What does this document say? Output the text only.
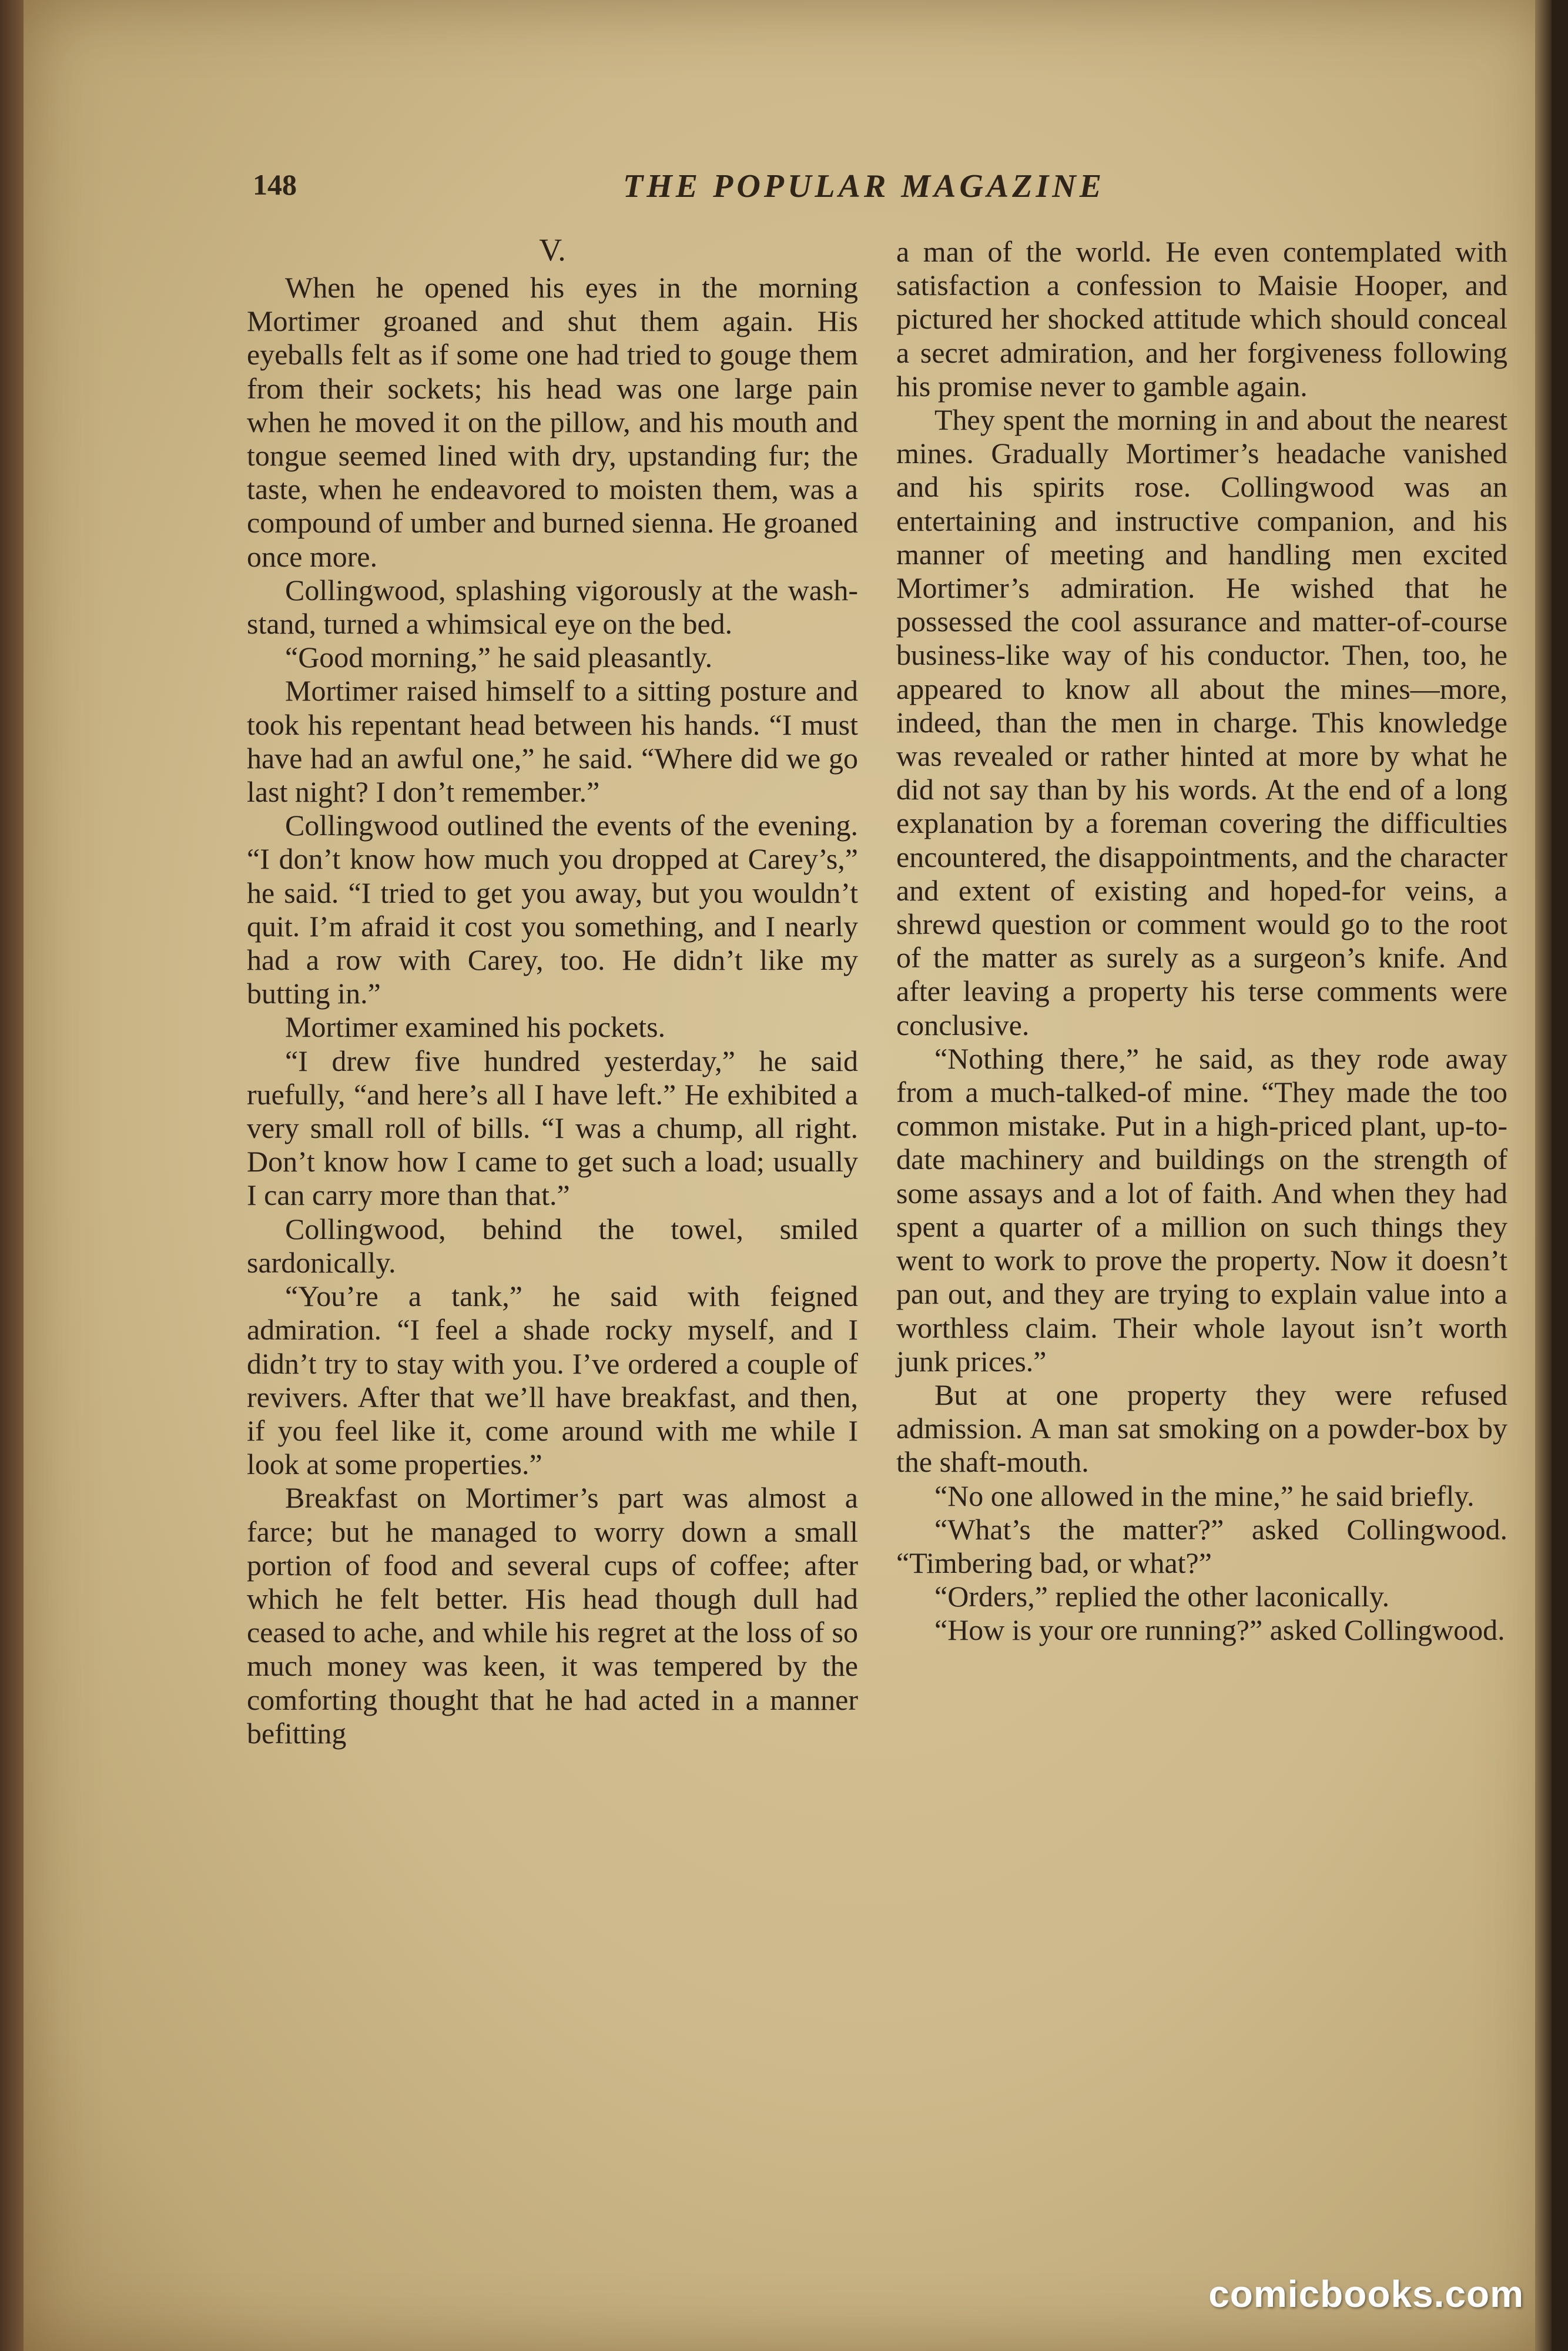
148	THE POPULAR MAGAZINE
V.

When he opened his eyes in the morning Mortimer groaned and shut them again. His eyeballs felt as if some one had tried to gouge them from their sockets; his head was one large pain when he moved it on the pillow, and his mouth and tongue seemed lined with dry, upstanding fur; the taste, when he endeavored to moisten them, was a compound of umber and burned sienna. He groaned once more.

Collingwood, splashing vigorously at the wash-stand, turned a whimsical eye on the bed.

“Good morning,” he said pleasantly.

Mortimer raised himself to a sitting posture and took his repentant head between his hands. “I must have had an awful one,” he said. “Where did we go last night? I don’t remember.”

Collingwood outlined the events of the evening. “I don’t know how much you dropped at Carey’s,” he said. “I tried to get you away, but you wouldn’t quit. I’m afraid it cost you something, and I nearly had a row with Carey, too. He didn’t like my butting in.”

Mortimer examined his pockets.

“I drew five hundred yesterday,” he said ruefully, “and here’s all I have left.” He exhibited a very small roll of bills. “I was a chump, all right. Don’t know how I came to get such a load; usually I can carry more than that.”

Collingwood, behind the towel, smiled sardonically.

“You’re a tank,” he said with feigned admiration. “I feel a shade rocky myself, and I didn’t try to stay with you. I’ve ordered a couple of revivers. After that we’ll have breakfast, and then, if you feel like it, come around with me while I look at some properties.”

Breakfast on Mortimer’s part was almost a farce; but he managed to worry down a small portion of food and several cups of coffee; after which he felt better. His head though dull had ceased to ache, and while his regret at the loss of so much money was keen, it was tempered by the comforting thought that he had acted in a manner befitting

a man of the world. He even contemplated with satisfaction a confession to Maisie Hooper, and pictured her shocked attitude which should conceal a secret admiration, and her forgiveness following his promise never to gamble again.

They spent the morning in and about the nearest mines. Gradually Mortimer’s headache vanished and his spirits rose. Collingwood was an entertaining and instructive companion, and his manner of meeting and handling men excited Mortimer’s admiration. He wished that he possessed the cool assurance and matter-of-course business-like way of his conductor. Then, too, he appeared to know all about the mines—more, indeed, than the men in charge. This knowledge was revealed or rather hinted at more by what he did not say than by his words. At the end of a long explanation by a foreman covering the difficulties encountered, the disappointments, and the character and extent of existing and hoped-for veins, a shrewd question or comment would go to the root of the matter as surely as a surgeon’s knife. And after leaving a property his terse comments were conclusive.

“Nothing there,” he said, as they rode away from a much-talked-of mine. “They made the too common mistake. Put in a high-priced plant, up-to-date machinery and buildings on the strength of some assays and a lot of faith. And when they had spent a quarter of a million on such things they went to work to prove the property. Now it doesn’t pan out, and they are trying to explain value into a worthless claim. Their whole layout isn’t worth junk prices.”

But at one property they were refused admission. A man sat smoking on a powder-box by the shaft-mouth.

“No one allowed in the mine,” he said briefly.

“What’s the matter?” asked Collingwood. “Timbering bad, or what?”

“Orders,” replied the other laconically.

“How is your ore running?” asked Collingwood.

comicbooks.com
